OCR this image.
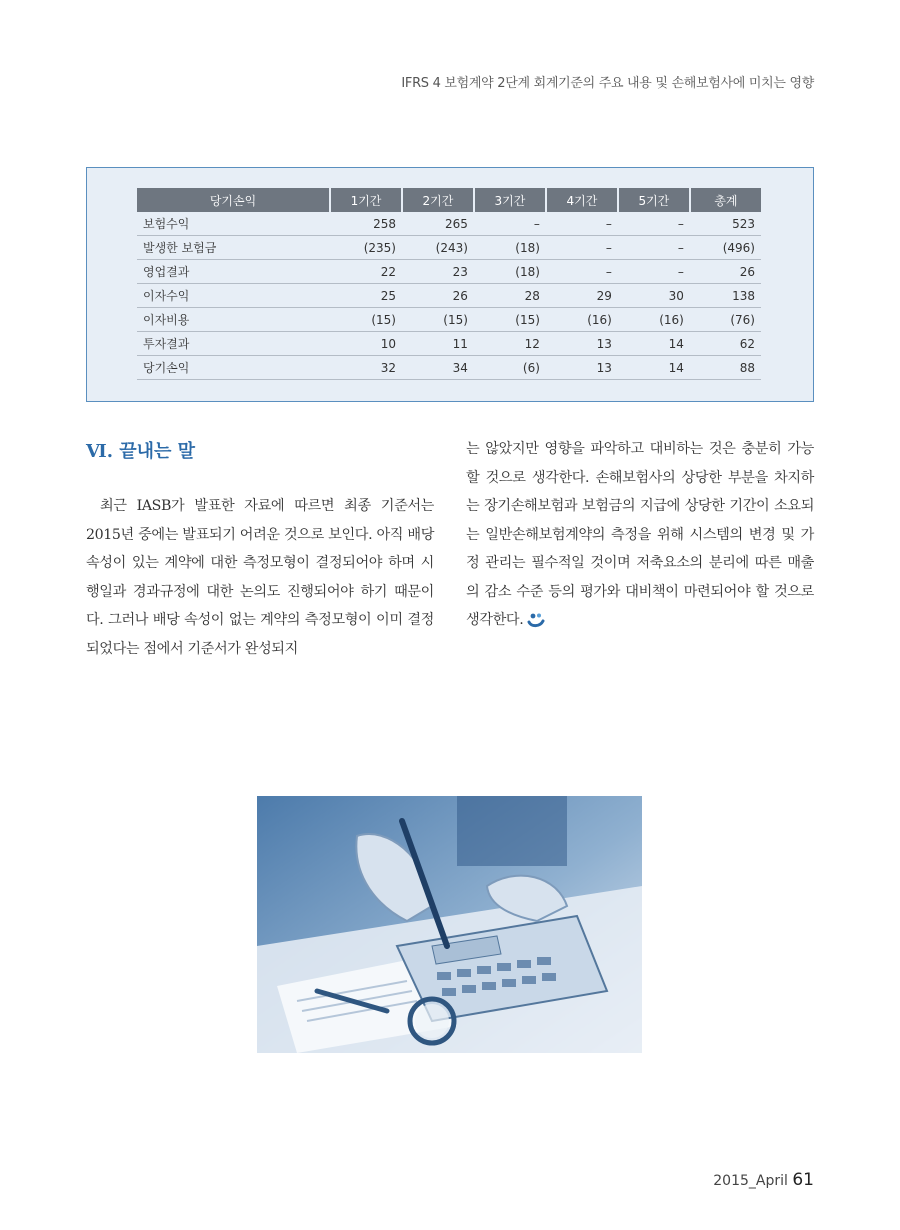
IFRS 4 보험계약 2단계 회계기준의 주요 내용 및 손해보험사에 미치는 영향
당기손익	1기간	2기간	3기간	4기간	5기간	총계
보험수익	258	265	–	–	–	523
발생한 보험금	(235)	(243)	(18)	–	–	(496)
영업결과	22	23	(18)	–	–	26
이자수익	25	26	28	29	30	138
이자비용	(15)	(15)	(15)	(16)	(16)	(76)
투자결과	10	11	12	13	14	62
당기손익	32	34	(6)	13	14	88
Ⅵ. 끝내는 말

최근 IASB가 발표한 자료에 따르면 최종 기준서는 2015년 중에는 발표되기 어려운 것으로 보인다. 아직 배당 속성이 있는 계약에 대한 측정모형이 결정되어야 하며 시행일과 경과규정에 대한 논의도 진행되어야 하기 때문이다. 그러나 배당 속성이 없는 계약의 측정모형이 이미 결정되었다는 점에서 기준서가 완성되지

는 않았지만 영향을 파악하고 대비하는 것은 충분히 가능할 것으로 생각한다. 손해보험사의 상당한 부분을 차지하는 장기손해보험과 보험금의 지급에 상당한 기간이 소요되는 일반손해보험계약의 측정을 위해 시스템의 변경 및 가정 관리는 필수적일 것이며 저축요소의 분리에 따른 매출의 감소 수준 등의 평가와 대비책이 마련되어야 할 것으로 생각한다.

2015_April 61
